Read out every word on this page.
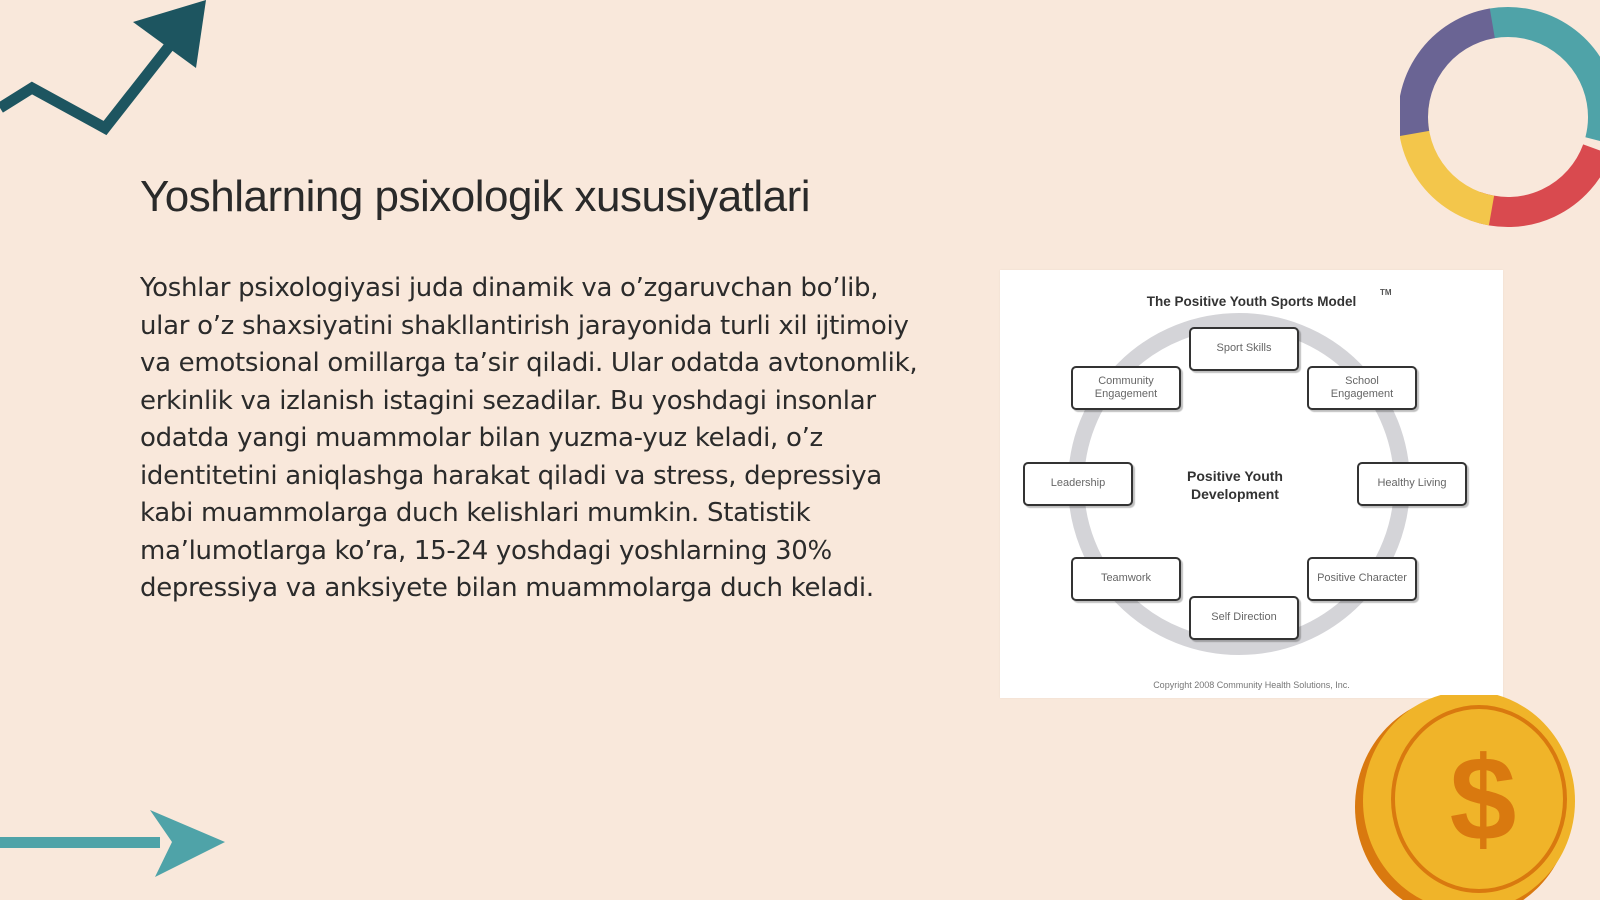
Yoshlarning psixologik xususiyatlari

Yoshlar psixologiyasi juda dinamik va o’zgaruvchan bo’lib, ular o’z shaxsiyatini shakllantirish jarayonida turli xil ijtimoiy va emotsional omillarga ta’sir qiladi. Ular odatda avtonomlik, erkinlik va izlanish istagini sezadilar. Bu yoshdagi insonlar odatda yangi muammolar bilan yuzma-yuz keladi, o’z identitetini aniqlashga harakat qiladi va stress, depressiya kabi muammolarga duch kelishlari mumkin. Statistik ma’lumotlarga ko’ra, 15-24 yoshdagi yoshlarning 30% depressiya va anksiyete bilan muammolarga duch keladi.

The Positive Youth Sports Model
TM
Sport Skills
School Engagement
Healthy Living
Positive Character
Self Direction
Teamwork
Leadership
Community Engagement
Positive Youth Development
Copyright 2008 Community Health Solutions, Inc.
$
